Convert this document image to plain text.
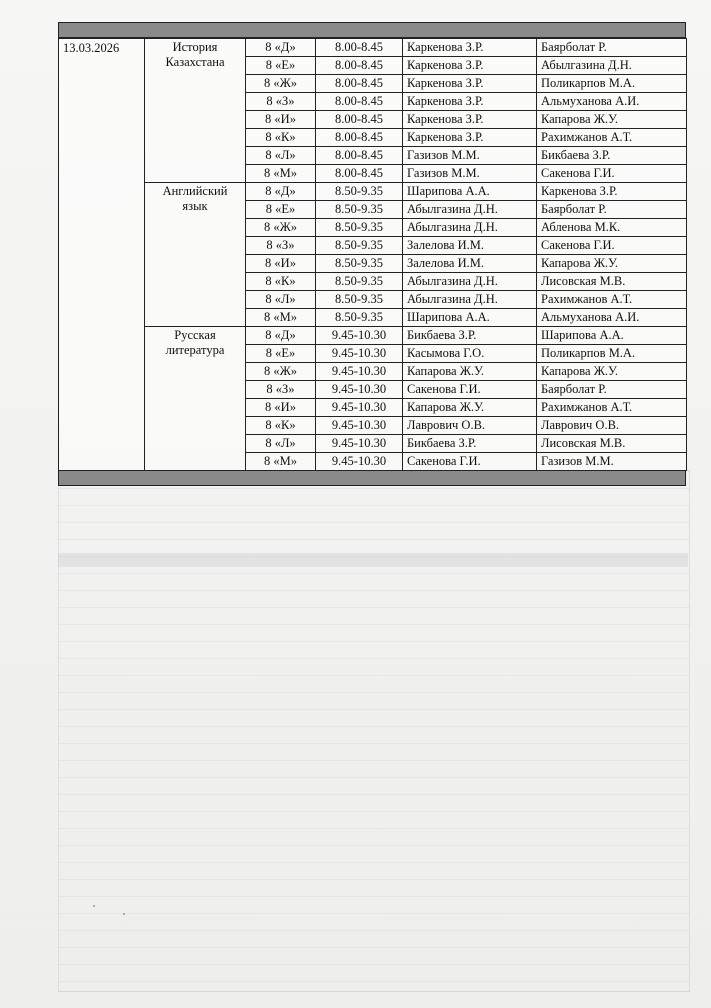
13.03.2026	История Казахстана	8 «Д»	8.00-8.45	Каркенова З.Р.	Баярболат Р.
		8 «Е»	8.00-8.45	Каркенова З.Р.	Абылгазина Д.Н.
		8 «Ж»	8.00-8.45	Каркенова З.Р.	Поликарпов М.А.
		8 «З»	8.00-8.45	Каркенова З.Р.	Альмуханова А.И.
		8 «И»	8.00-8.45	Каркенова З.Р.	Капарова Ж.У.
		8 «К»	8.00-8.45	Каркенова З.Р.	Рахимжанов А.Т.
		8 «Л»	8.00-8.45	Газизов М.М.	Бикбаева З.Р.
		8 «М»	8.00-8.45	Газизов М.М.	Сакенова Г.И.
	Английский язык	8 «Д»	8.50-9.35	Шарипова А.А.	Каркенова З.Р.
		8 «Е»	8.50-9.35	Абылгазина Д.Н.	Баярболат Р.
		8 «Ж»	8.50-9.35	Абылгазина Д.Н.	Абленова М.К.
		8 «З»	8.50-9.35	Залелова И.М.	Сакенова Г.И.
		8 «И»	8.50-9.35	Залелова И.М.	Капарова Ж.У.
		8 «К»	8.50-9.35	Абылгазина Д.Н.	Лисовская М.В.
		8 «Л»	8.50-9.35	Абылгазина Д.Н.	Рахимжанов А.Т.
		8 «М»	8.50-9.35	Шарипова А.А.	Альмуханова А.И.
	Русская литература	8 «Д»	9.45-10.30	Бикбаева З.Р.	Шарипова А.А.
		8 «Е»	9.45-10.30	Касымова Г.О.	Поликарпов М.А.
		8 «Ж»	9.45-10.30	Капарова Ж.У.	Капарова Ж.У.
		8 «З»	9.45-10.30	Сакенова Г.И.	Баярболат Р.
		8 «И»	9.45-10.30	Капарова Ж.У.	Рахимжанов А.Т.
		8 «К»	9.45-10.30	Лаврович О.В.	Лаврович О.В.
		8 «Л»	9.45-10.30	Бикбаева З.Р.	Лисовская М.В.
		8 «М»	9.45-10.30	Сакенова Г.И.	Газизов М.М.
